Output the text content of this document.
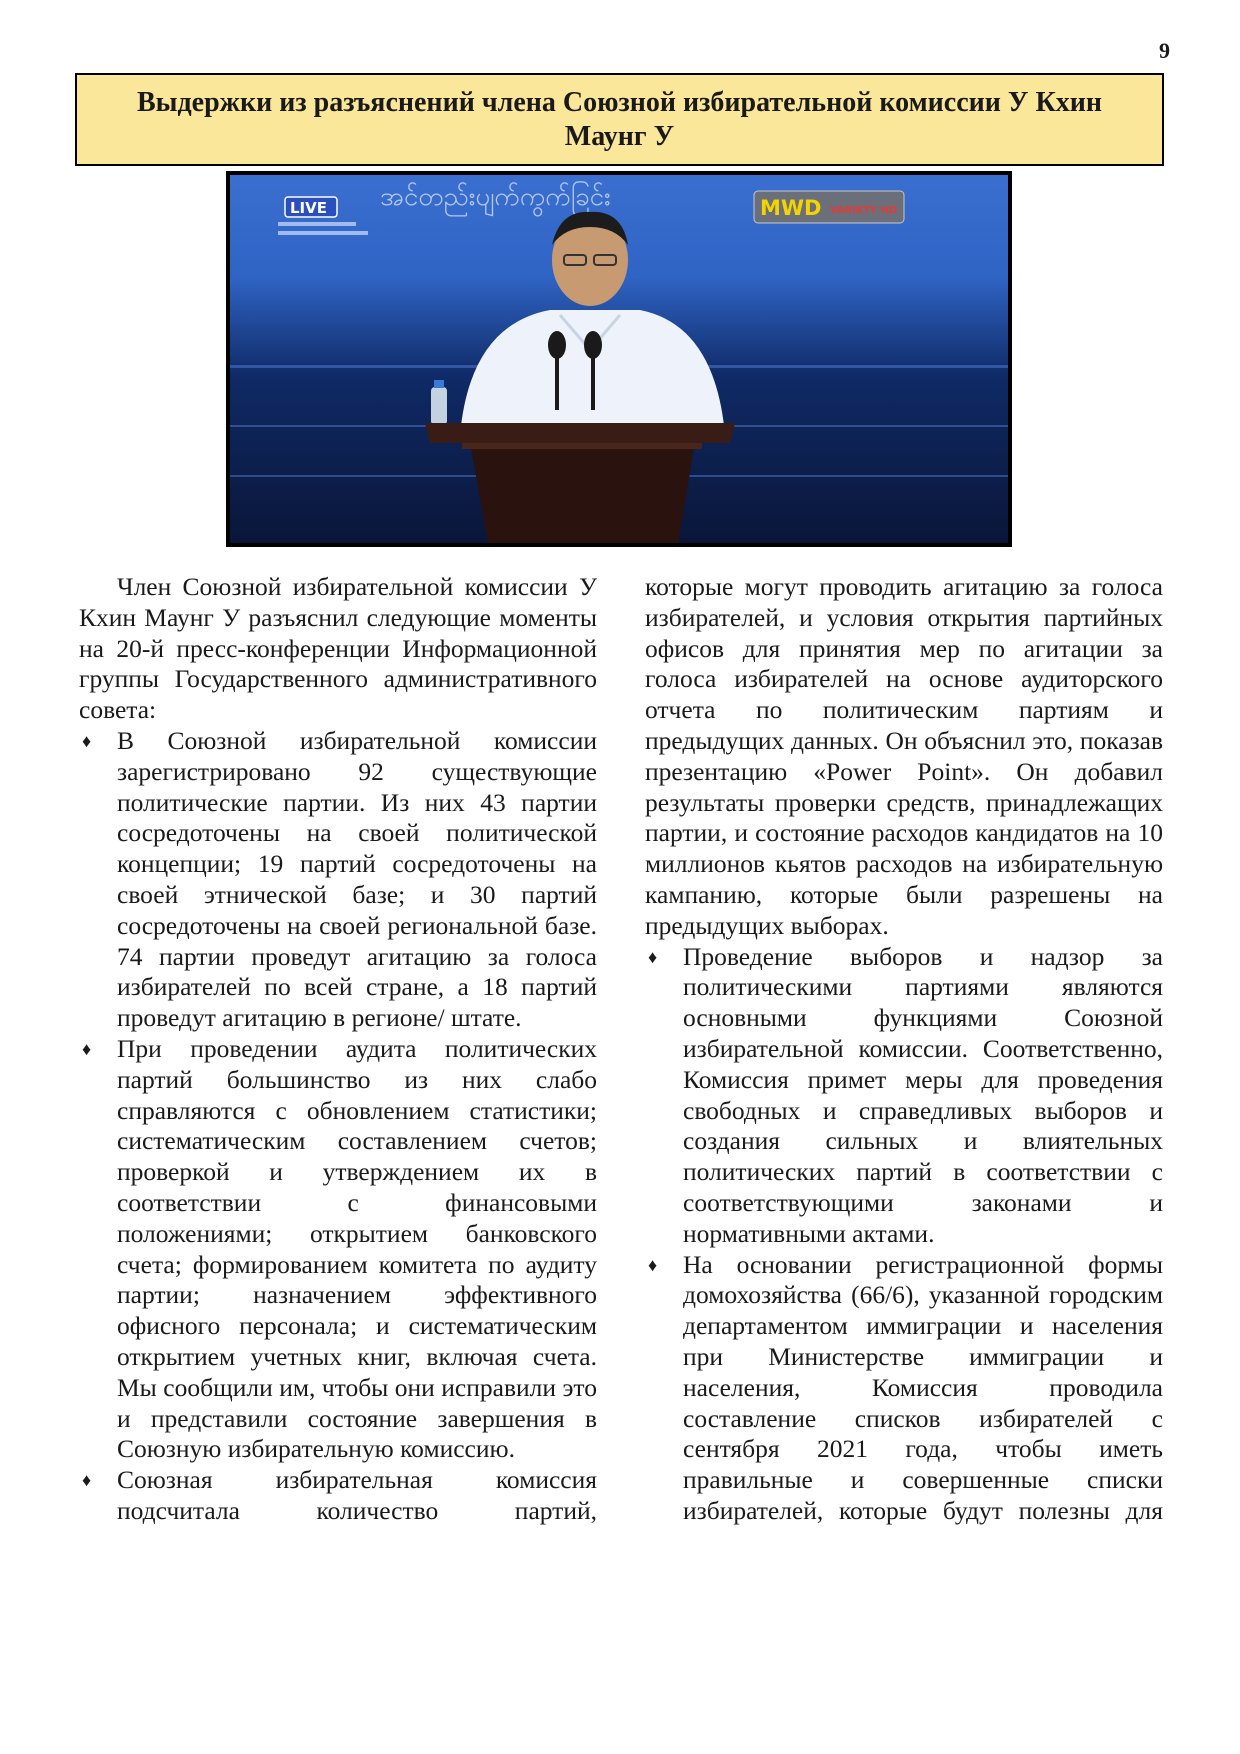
9
Выдержки из разъяснений члена Союзной избирательной комиссии У Кхин Маунг У
အင်တည်းပျက်ကွက်ခြင်း
LIVE	MWD VARIETY HD

Член Союзной избирательной комиссии У Кхин Маунг У разъяснил следующие моменты на 20-й пресс-конференции Информационной группы Государственного административного совета:

♦ В Союзной избирательной комиссии зарегистрировано 92 существующие политические партии. Из них 43 партии сосредоточены на своей политической концепции; 19 партий сосредоточены на своей этнической базе; и 30 партий сосредоточены на своей региональной базе. 74 партии проведут агитацию за голоса избирателей по всей стране, а 18 партий проведут агитацию в регионе/ штате.
♦ При проведении аудита политических партий большинство из них слабо справляются с обновлением статистики; систематическим составлением счетов; проверкой и утверждением их в соответствии с финансовыми положениями; открытием банковского счета; формированием комитета по аудиту партии; назначением эффективного офисного персонала; и систематическим открытием учетных книг, включая счета. Мы сообщили им, чтобы они исправили это и представили состояние завершения в Союзную избирательную комиссию.
♦ Союзная избирательная комиссия подсчитала количество партий,

которые могут проводить агитацию за голоса избирателей, и условия открытия партийных офисов для принятия мер по агитации за голоса избирателей на основе аудиторского отчета по политическим партиям и предыдущих данных. Он объяснил это, показав презентацию «Power Point». Он добавил результаты проверки средств, принадлежащих партии, и состояние расходов кандидатов на 10 миллионов кьятов расходов на избирательную кампанию, которые были разрешены на предыдущих выборах.

♦ Проведение выборов и надзор за политическими партиями являются основными функциями Союзной избирательной комиссии. Соответственно, Комиссия примет меры для проведения свободных и справедливых выборов и создания сильных и влиятельных политических партий в соответствии с соответствующими законами и нормативными актами.
♦ На основании регистрационной формы домохозяйства (66/6), указанной городским департаментом иммиграции и населения при Министерстве иммиграции и населения, Комиссия проводила составление списков избирателей с сентября 2021 года, чтобы иметь правильные и совершенные списки избирателей, которые будут полезны для
